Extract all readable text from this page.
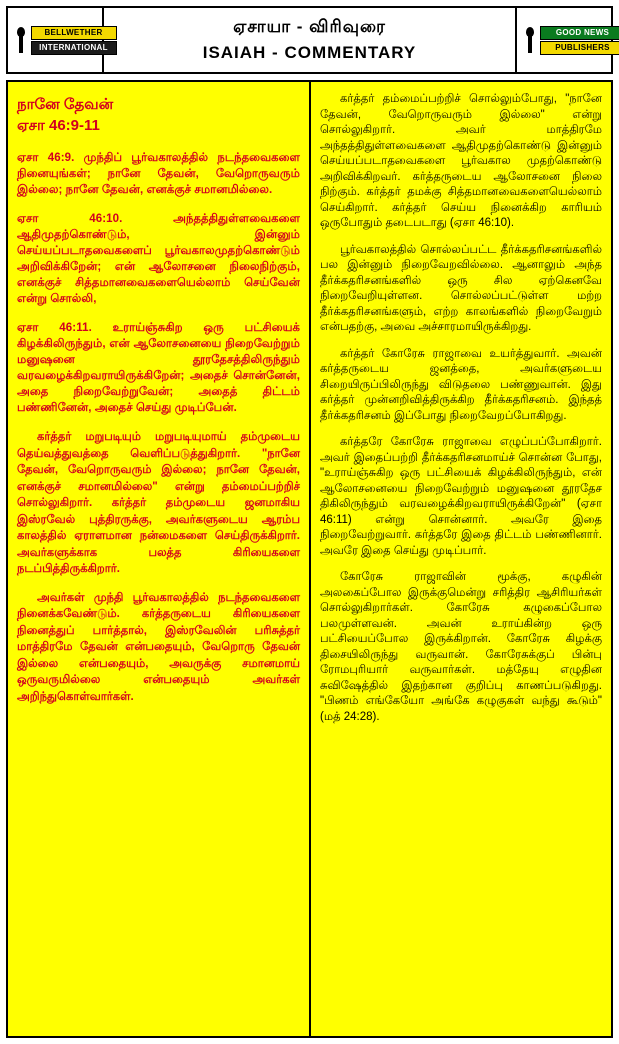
BELLWETHER
INTERNATIONAL
ஏசாயா - விரிவுரை
ISAIAH - COMMENTARY
GOOD NEWS
PUBLISHERS
நானே தேவன்
ஏசா 46:9-11

ஏசா 46:9. முந்திப் பூர்வகாலத்தில் நடந்தவைகளை நினையுங்கள்; நானே தேவன், வேறொருவரும் இல்லை; நானே தேவன், எனக்குச் சமானமில்லை.

ஏசா 46:10. அந்தத்திதுள்ளவைகளை ஆதிமுதற்கொண்டும், இன்னும் செய்யப்படாதவைகளைப் பூர்வகாலமுதற்கொண்டும் அறிவிக்கிறேன்; என் ஆலோசனை நிலைநிற்கும், எனக்குச் சித்தமானவைகளையெல்லாம் செய்வேன் என்று சொல்லி,

ஏசா 46:11. உராய்ஞ்சுகிற ஒரு பட்சியைக் கிழக்கிலிருந்தும், என் ஆலோசனையை நிறைவேற்றும் மனுஷனை தூரதேசத்திலிருந்தும் வரவழைக்கிறவராயிருக்கிறேன்; அதைச் சொன்னேன், அதை நிறைவேற்றுவேன்; அதைத் திட்டம் பண்ணினேன், அதைச் செய்து முடிப்பேன்.

கர்த்தர் மறுபடியும் மறுபடியுமாய் தம்முடைய தெய்வத்துவத்தை வெளிப்படுத்துகிறார். "நானே தேவன், வேறொருவரும் இல்லை; நானே தேவன், எனக்குச் சமானமில்லை" என்று தம்மைப்பற்றிச் சொல்லுகிறார். கர்த்தர் தம்முடைய ஜனமாகிய இஸ்ரவேல் புத்திரருக்கு, அவர்களுடைய ஆரம்ப காலத்தில் ஏராளமான நன்மைகளை செய்திருக்கிறார். அவர்களுக்காக பலத்த கிரியைகளை நடப்பித்திருக்கிறார்.

அவர்கள் முந்தி பூர்வகாலத்தில் நடந்தவைகளை நினைக்கவேண்டும். கர்த்தருடைய கிரியைகளை நினைத்துப் பார்த்தால், இஸ்ரவேலின் பரிசுத்தர் மாத்திரமே தேவன் என்பதையும், வேறொரு தேவன் இல்லை என்பதையும், அவருக்கு சமானமாய் ஒருவருமில்லை என்பதையும் அவர்கள் அறிந்துகொள்வார்கள்.

கர்த்தர் தம்மைப்பற்றிச் சொல்லும்போது, "நானே தேவன், வேறொருவரும் இல்லை" என்று சொல்லுகிறார். அவர் மாத்திரமே அந்தத்திதுள்ளவைகளை ஆதிமுதற்கொண்டு இன்னும் செய்யப்படாதவைகளை பூர்வகால முதற்கொண்டு அறிவிக்கிறவர். கர்த்தருடைய ஆலோசனை நிலை நிற்கும். கர்த்தர் தமக்கு சித்தமானவைகளையெல்லாம் செய்கிறார். கர்த்தர் செய்ய நினைக்கிற காரியம் ஒருபோதும் தடைபடாது (ஏசா 46:10).

பூர்வகாலத்தில் சொல்லப்பட்ட தீர்க்கதரிசனங்களில் பல இன்னும் நிறைவேறவில்லை. ஆனாலும் அந்த தீர்க்கதரிசனங்களில் ஒரு சில ஏற்கெனவே நிறைவேறியுள்ளன. சொல்லப்பட்டுள்ள மற்ற தீர்க்கதரிசனங்களும், எற்ற காலங்களில் நிறைவேறும் என்பதற்கு, அவை அச்சாரமாயிருக்கிறது.

கர்த்தர் கோரேசு ராஜாவை உயர்த்துவார். அவன் கர்த்தருடைய ஜனத்தை, அவர்களுடைய சிறையிருப்பிலிருந்து விடுதலை பண்ணுவான். இது கர்த்தர் முன்னறிவித்திருக்கிற தீர்க்கதரிசனம். இந்தத் தீர்க்கதரிசனம் இப்போது நிறைவேறப்போகிறது.

கர்த்தரே கோரேசு ராஜாவை எழுப்பப்போகிறார். அவர் இதைப்பற்றி தீர்க்கதரிசனமாய்ச் சொன்ன போது, "உராய்ஞ்சுகிற ஒரு பட்சியைக் கிழக்கிலிருந்தும், என் ஆலோசனையை நிறைவேற்றும் மனுஷனை தூரதேச திகிலிருந்தும் வரவழைக்கிறவராயிருக்கிறேன்" (ஏசா 46:11) என்று சொன்னார். அவரே இதை நிறைவேற்றுவார். கர்த்தரே இதை திட்டம் பண்ணினார். அவரே இதை செய்து முடிப்பார்.

கோரேசு ராஜாவின் மூக்கு, கழுகின் அலகைப்போல இருக்குமென்று சரித்திர ஆசிரியர்கள் சொல்லுகிறார்கள். கோரேசு கழுகைப்போல பலமுள்ளவன். அவன் உராய்கின்ற ஒரு பட்சியைப்போல இருக்கிறான். கோரேசு கிழக்கு திசையிலிருந்து வருவான். கோரேசுக்குப் பின்பு ரோமபுரியார் வருவார்கள். மத்தேயு எழுதின சுவிஷேத்தில் இதற்கான குறிப்பு காணப்படுகிறது. "பிணம் எங்கேயோ அங்கே கழுகுகள் வந்து கூடும்" (மத் 24:28).
